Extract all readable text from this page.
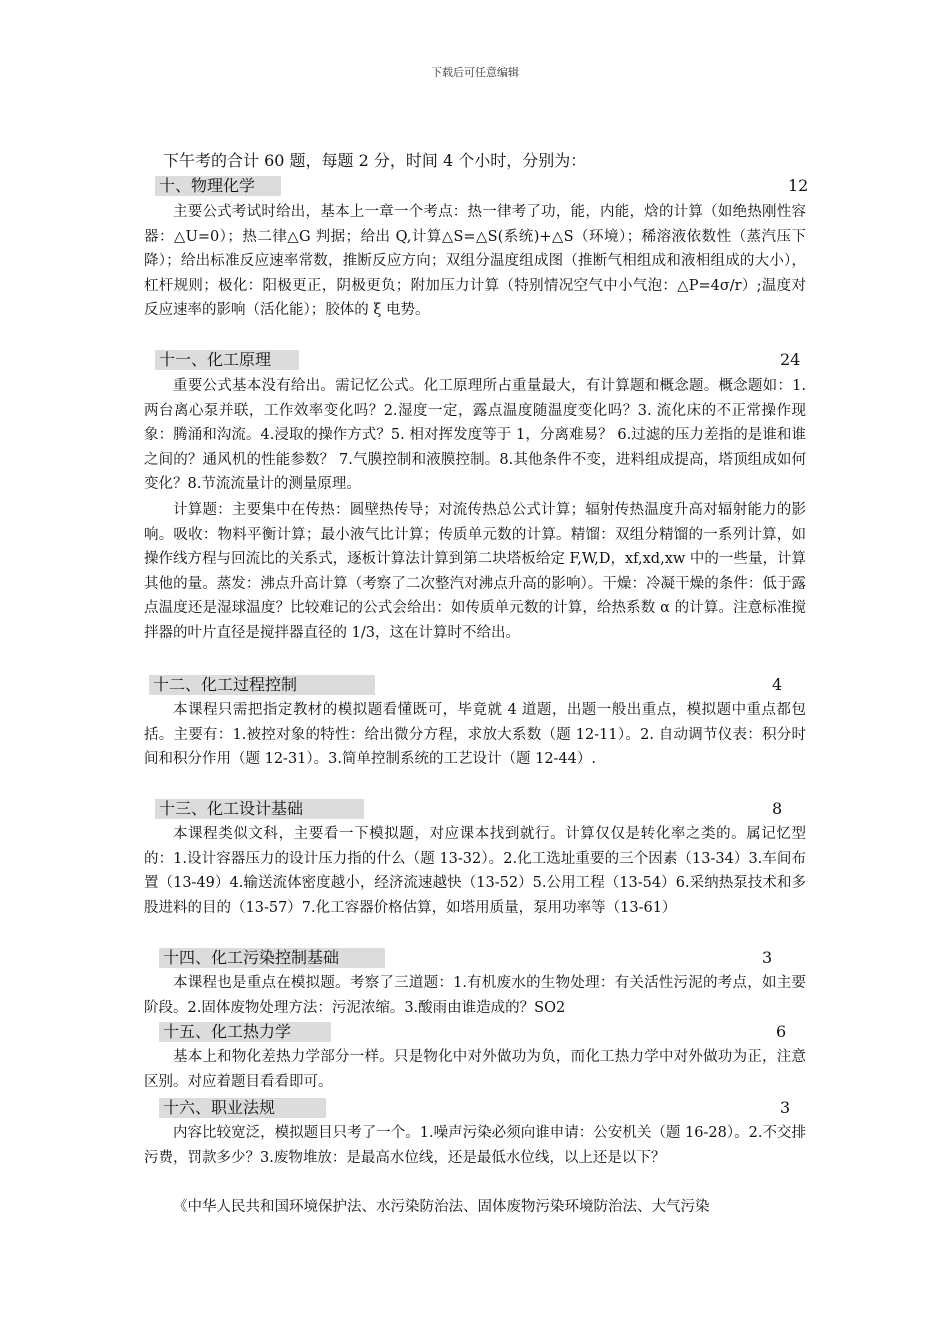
下载后可任意编辑
下午考的合计 60 题，每题 2 分，时间 4 个小时，分别为：
十、物理化学	12

主要公式考试时给出，基本上一章一个考点：热一律考了功，能，内能，焓的计算（如绝热刚性容器：△U=0）；热二律△G 判据；给出 Q,计算△S=△S(系统)+△S（环境）；稀溶液依数性（蒸汽压下降）；给出标准反应速率常数，推断反应方向；双组分温度组成图（推断气相组成和液相组成的大小），杠杆规则；极化：阳极更正，阴极更负；附加压力计算（特别情况空气中小气泡：△P=4σ/r）;温度对反应速率的影响（活化能）；胶体的 ξ 电势。

十一、化工原理	24

重要公式基本没有给出。需记忆公式。化工原理所占重量最大，有计算题和概念题。概念题如：1. 两台离心泵并联，工作效率变化吗？2.湿度一定，露点温度随温度变化吗？3. 流化床的不正常操作现象：腾涌和沟流。4.浸取的操作方式？5. 相对挥发度等于 1，分离难易？ 6.过滤的压力差指的是谁和谁之间的？通风机的性能参数？ 7.气膜控制和液膜控制。8.其他条件不变，进料组成提高，塔顶组成如何变化？8.节流流量计的测量原理。

计算题：主要集中在传热：圆壁热传导；对流传热总公式计算；辐射传热温度升高对辐射能力的影响。吸收：物料平衡计算；最小液气比计算；传质单元数的计算。精馏：双组分精馏的一系列计算，如操作线方程与回流比的关系式，逐板计算法计算到第二块塔板给定 F,W,D，xf,xd,xw 中的一些量，计算其他的量。蒸发：沸点升高计算（考察了二次整汽对沸点升高的影响）。干燥：冷凝干燥的条件：低于露点温度还是湿球温度？比较难记的公式会给出：如传质单元数的计算，给热系数 α 的计算。注意标准搅拌器的叶片直径是搅拌器直径的 1/3，这在计算时不给出。

十二、化工过程控制	4

本课程只需把指定教材的模拟题看懂既可，毕竟就 4 道题，出题一般出重点，模拟题中重点都包括。主要有：1.被控对象的特性：给出微分方程，求放大系数（题 12-11）。2. 自动调节仪表：积分时间和积分作用（题 12-31）。3.简单控制系统的工艺设计（题 12-44）.

十三、化工设计基础	8

本课程类似文科，主要看一下模拟题，对应课本找到就行。计算仅仅是转化率之类的。属记忆型的：1.设计容器压力的设计压力指的什么（题 13-32）。2.化工选址重要的三个因素（13-34）3.车间布置（13-49）4.输送流体密度越小，经济流速越快（13-52）5.公用工程（13-54）6.采纳热泵技术和多股进料的目的（13-57）7.化工容器价格估算，如塔用质量，泵用功率等（13-61）

十四、化工污染控制基础	3

本课程也是重点在模拟题。考察了三道题：1.有机废水的生物处理：有关活性污泥的考点，如主要阶段。2.固体废物处理方法：污泥浓缩。3.酸雨由谁造成的？SO2

十五、化工热力学	6

基本上和物化差热力学部分一样。只是物化中对外做功为负，而化工热力学中对外做功为正，注意区别。对应着题目看看即可。

十六、职业法规	3

内容比较宽泛，模拟题目只考了一个。1.噪声污染必须向谁申请：公安机关（题 16-28）。2.不交排污费，罚款多少？3.废物堆放：是最高水位线，还是最低水位线，以上还是以下？

《中华人民共和国环境保护法、水污染防治法、固体废物污染环境防治法、大气污染
